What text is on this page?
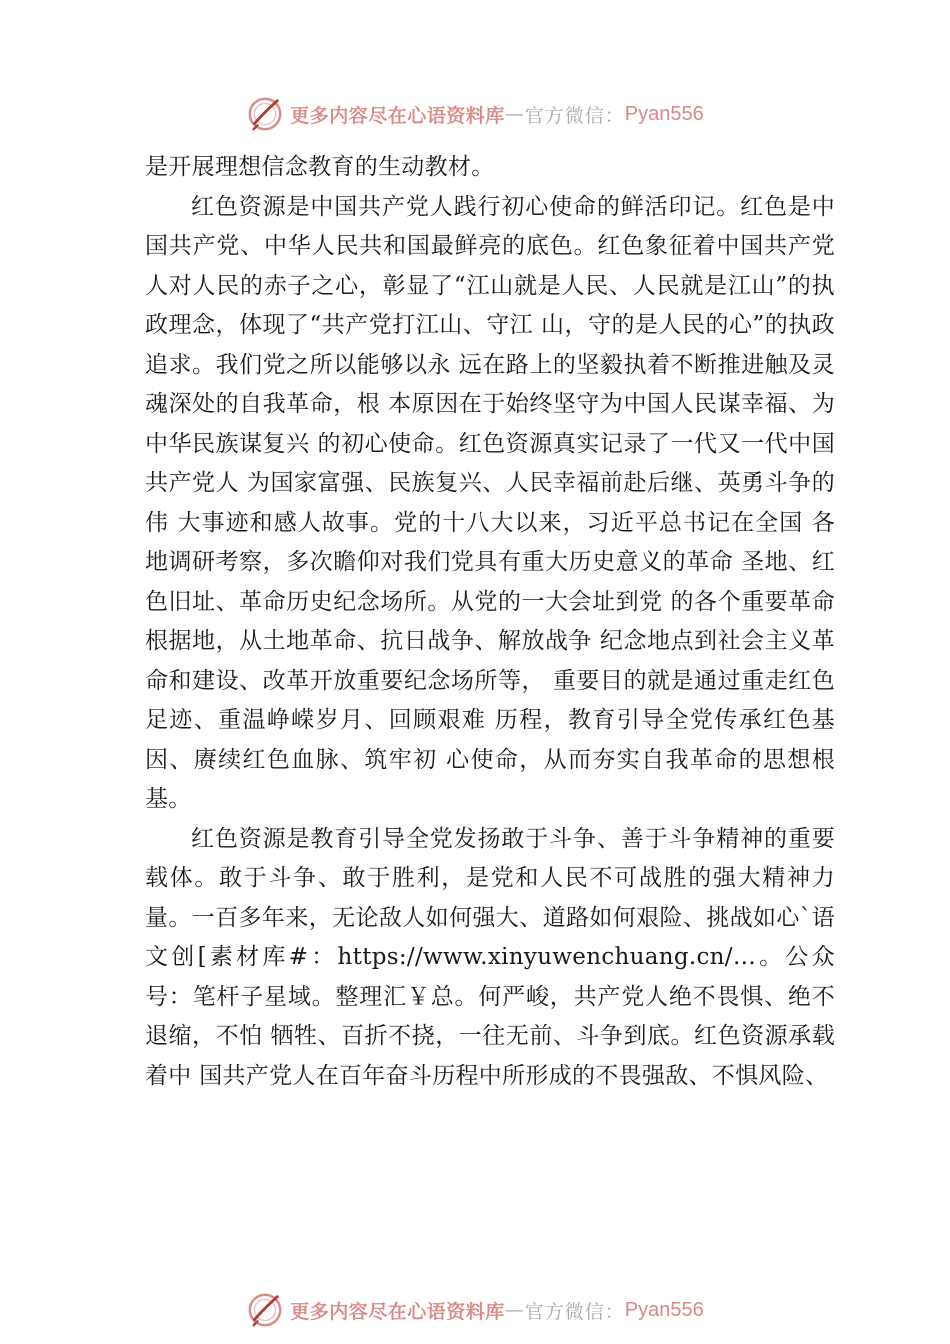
更多内容尽在心语资料库 — 官方微信： Pyan556

是开展理想信念教育的生动教材。

红色资源是中国共产党人践行初心使命的鲜活印记。红色是中国共产党、中华人民共和国最鲜亮的底色。红色象征着中国共产党人对人民的赤子之心，彰显了“江山就是人民、人民就是江山”的执政理念，体现了“共产党打江山、守江 山，守的是人民的心”的执政追求。我们党之所以能够以永 远在路上的坚毅执着不断推进触及灵魂深处的自我革命，根 本原因在于始终坚守为中国人民谋幸福、为中华民族谋复兴 的初心使命。红色资源真实记录了一代又一代中国共产党人 为国家富强、民族复兴、人民幸福前赴后继、英勇斗争的伟 大事迹和感人故事。党的十八大以来，习近平总书记在全国 各地调研考察，多次瞻仰对我们党具有重大历史意义的革命 圣地、红色旧址、革命历史纪念场所。从党的一大会址到党 的各个重要革命根据地，从土地革命、抗日战争、解放战争 纪念地点到社会主义革命和建设、改革开放重要纪念场所等， 重要目的就是通过重走红色足迹、重温峥嵘岁月、回顾艰难 历程，教育引导全党传承红色基因、赓续红色血脉、筑牢初 心使命，从而夯实自我革命的思想根基。

红色资源是教育引导全党发扬敢于斗争、善于斗争精神的重要载体。敢于斗争、敢于胜利，是党和人民不可战胜的强大精神力量。一百多年来，无论敌人如何强大、道路如何艰险、挑战如心`语文创[素材库#：https://www.xinyuwenchuang.cn/…。公众号：笔杆子星域。整理汇￥总。何严峻，共产党人绝不畏惧、绝不退缩，不怕 牺牲、百折不挠，一往无前、斗争到底。红色资源承载着中 国共产党人在百年奋斗历程中所形成的不畏强敌、不惧风险、

更多内容尽在心语资料库 — 官方微信： Pyan556
